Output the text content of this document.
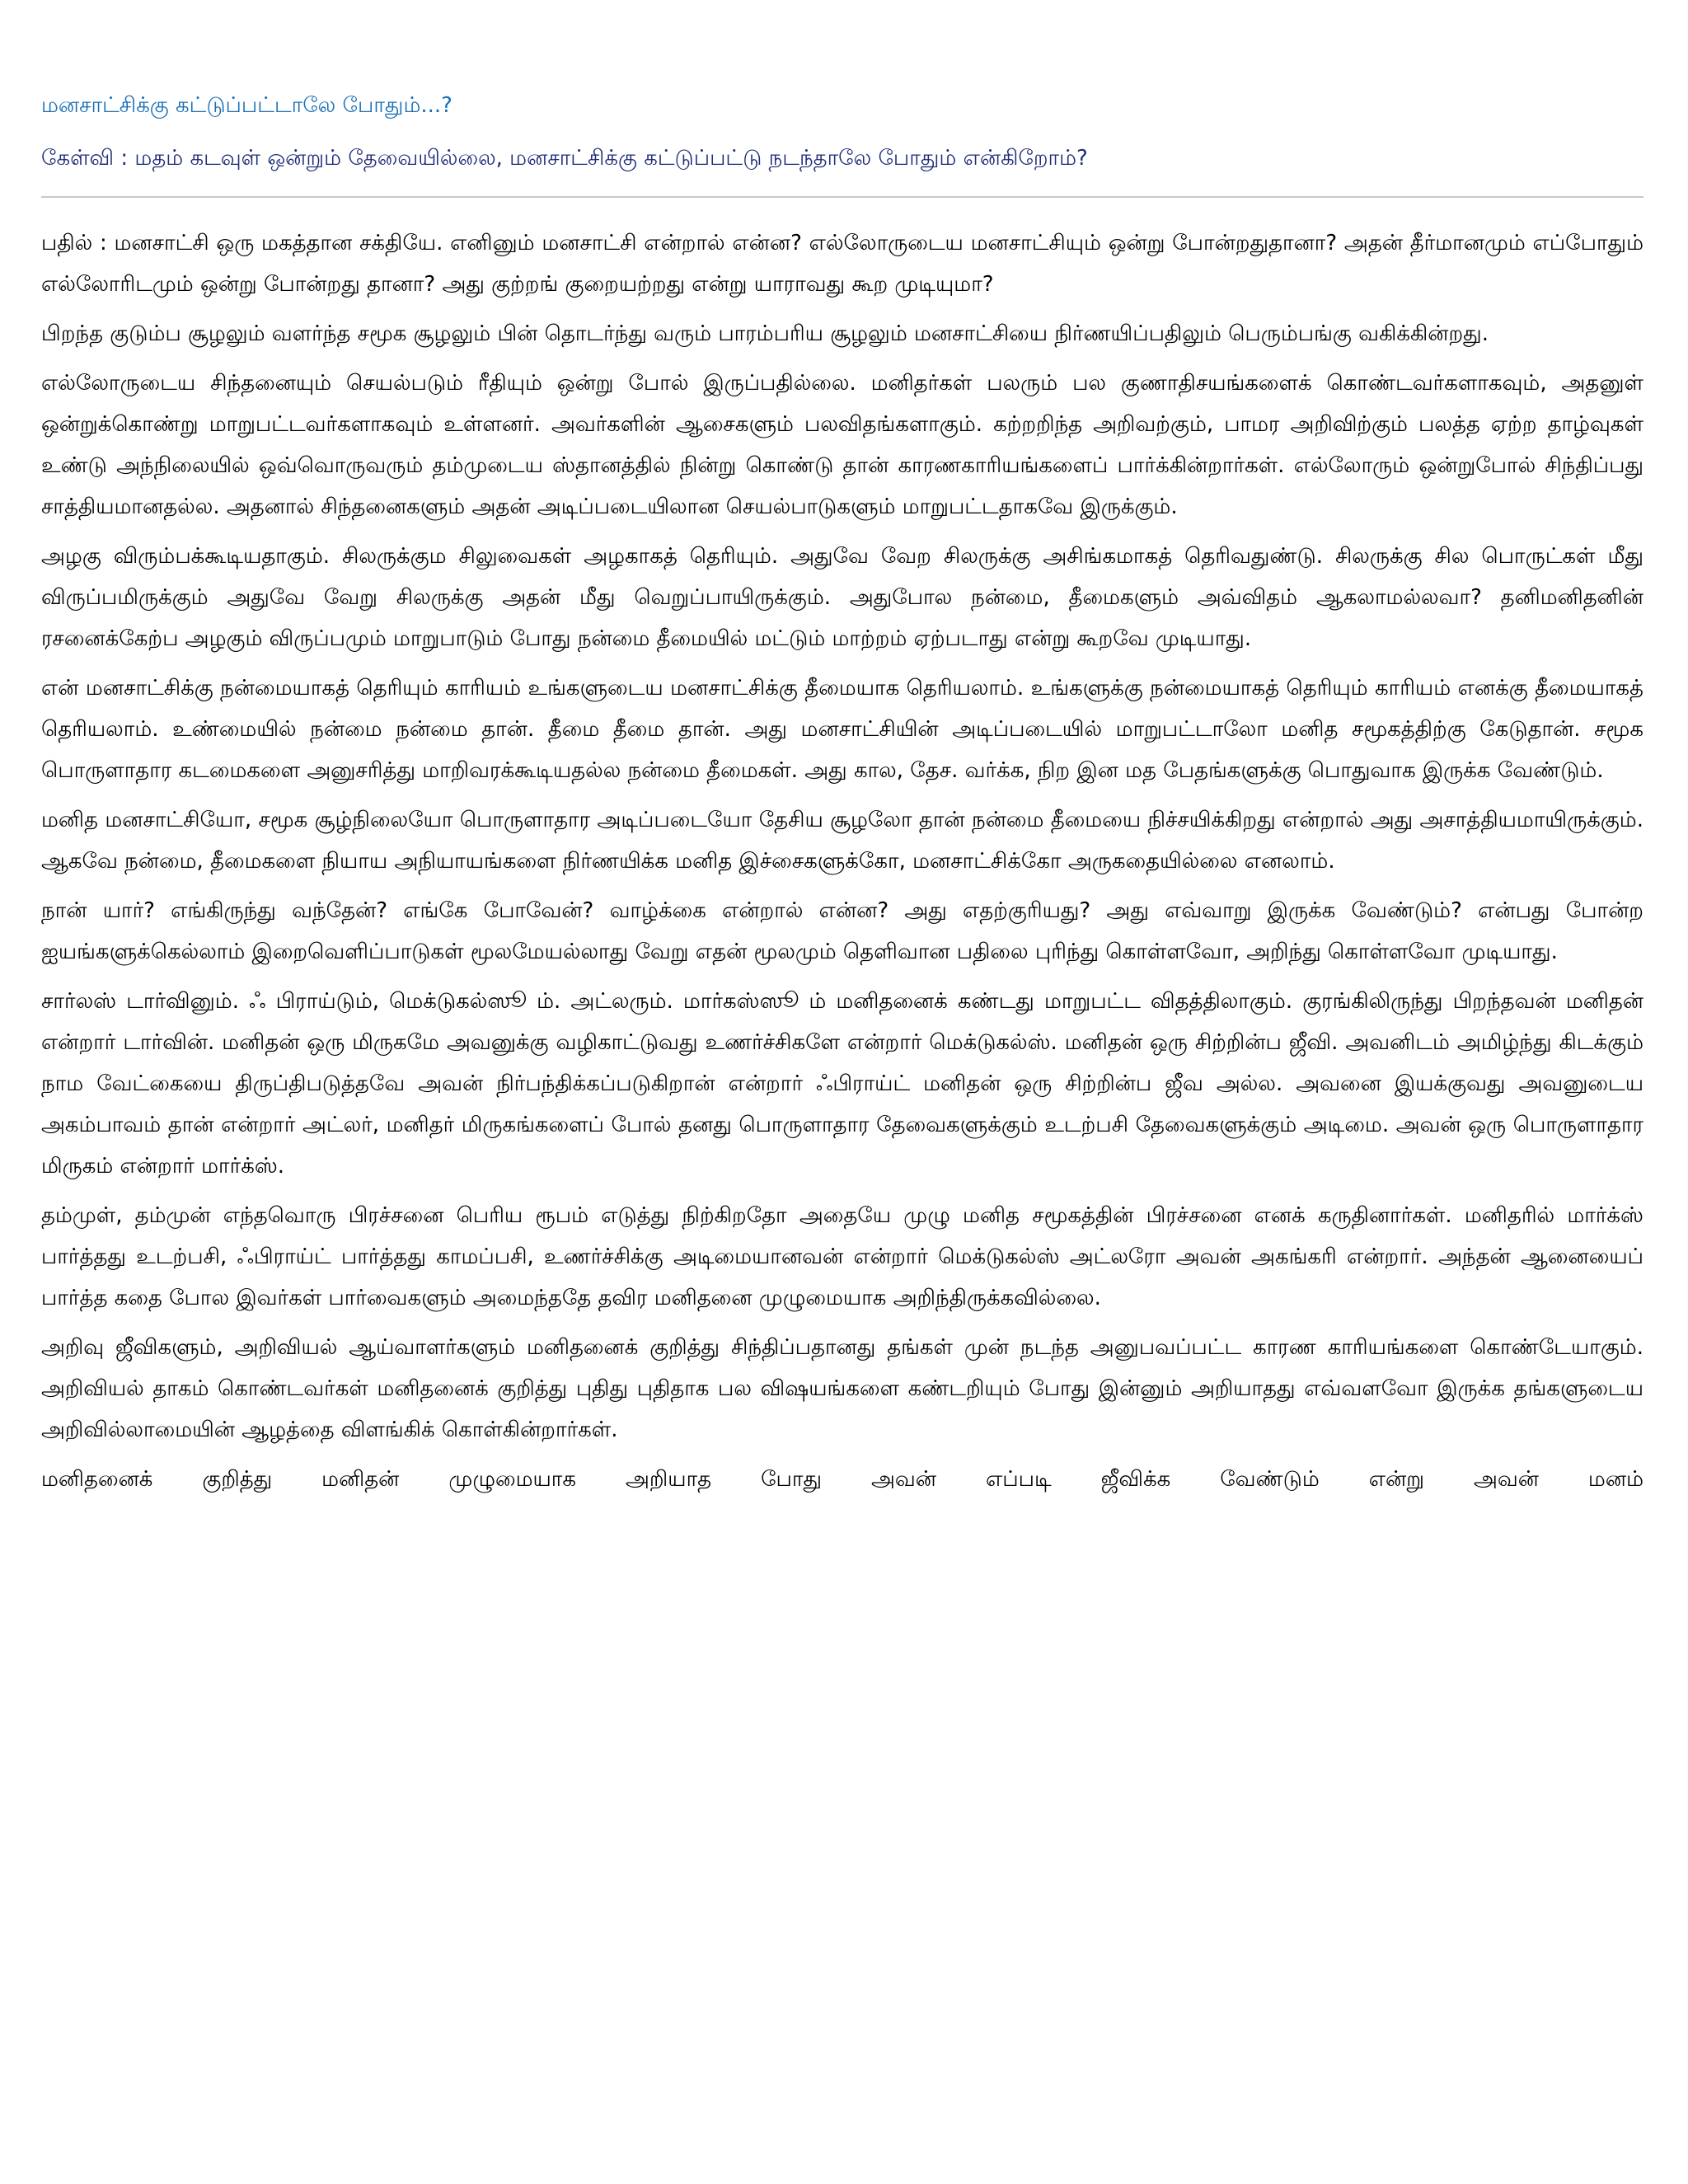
மனசாட்சிக்கு கட்டுப்பட்டாலே போதும்...?
கேள்வி : மதம் கடவுள் ஒன்றும் தேவையில்லை, மனசாட்சிக்கு கட்டுப்பட்டு நடந்தாலே போதும் என்கிறோம்?

பதில் : மனசாட்சி ஒரு மகத்தான சக்தியே. எனினும் மனசாட்சி என்றால் என்ன? எல்லோருடைய மனசாட்சியும் ஒன்று போன்றதுதானா? அதன் தீர்மானமும் எப்போதும் எல்லோரிடமும் ஒன்று போன்றது தானா? அது குற்றங் குறையற்றது என்று யாராவது கூற முடியுமா?

பிறந்த குடும்ப சூழலும் வளர்ந்த சமூக சூழலும் பின் தொடர்ந்து வரும் பாரம்பரிய சூழலும் மனசாட்சியை நிர்ணயிப்பதிலும் பெரும்பங்கு வகிக்கின்றது.

எல்லோருடைய சிந்தனையும் செயல்படும் ரீதியும் ஒன்று போல் இருப்பதில்லை. மனிதர்கள் பலரும் பல குணாதிசயங்களைக் கொண்டவர்களாகவும், அதனுள் ஒன்றுக்கொண்று மாறுபட்டவர்களாகவும் உள்ளனர். அவர்களின் ஆசைகளும் பலவிதங்களாகும். கற்றறிந்த அறிவற்கும், பாமர அறிவிற்கும் பலத்த ஏற்ற தாழ்வுகள் உண்டு அந்நிலையில் ஒவ்வொருவரும் தம்முடைய ஸ்தானத்தில் நின்று கொண்டு தான் காரணகாரியங்களைப் பார்க்கின்றார்கள். எல்லோரும் ஒன்றுபோல் சிந்திப்பது சாத்தியமானதல்ல. அதனால் சிந்தனைகளும் அதன் அடிப்படையிலான செயல்பாடுகளும் மாறுபட்டதாகவே இருக்கும்.

அழகு விரும்பக்கூடியதாகும். சிலருக்கும சிலுவைகள் அழகாகத் தெரியும். அதுவே வேற சிலருக்கு அசிங்கமாகத் தெரிவதுண்டு. சிலருக்கு சில பொருட்கள் மீது விருப்பமிருக்கும் அதுவே வேறு சிலருக்கு அதன் மீது வெறுப்பாயிருக்கும். அதுபோல நன்மை, தீமைகளும் அவ்விதம் ஆகலாமல்லவா? தனிமனிதனின் ரசனைக்கேற்ப அழகும் விருப்பமும் மாறுபாடும் போது நன்மை தீமையில் மட்டும் மாற்றம் ஏற்படாது என்று கூறவே முடியாது.

என் மனசாட்சிக்கு நன்மையாகத் தெரியும் காரியம் உங்களுடைய மனசாட்சிக்கு தீமையாக தெரியலாம். உங்களுக்கு நன்மையாகத் தெரியும் காரியம் எனக்கு தீமையாகத் தெரியலாம். உண்மையில் நன்மை நன்மை தான். தீமை தீமை தான். அது மனசாட்சியின் அடிப்படையில் மாறுபட்டாலோ மனித சமூகத்திற்கு கேடுதான். சமூக பொருளாதார கடமைகளை அனுசரித்து மாறிவரக்கூடியதல்ல நன்மை தீமைகள். அது கால, தேச. வர்க்க, நிற இன மத பேதங்களுக்கு பொதுவாக இருக்க வேண்டும்.

மனித மனசாட்சியோ, சமூக சூழ்நிலையோ பொருளாதார அடிப்படையோ தேசிய சூழலோ தான் நன்மை தீமையை நிச்சயிக்கிறது என்றால் அது அசாத்தியமாயிருக்கும். ஆகவே நன்மை, தீமைகளை நியாய அநியாயங்களை நிர்ணயிக்க மனித இச்சைகளுக்கோ, மனசாட்சிக்கோ அருகதையில்லை எனலாம்.

நான் யார்? எங்கிருந்து வந்தேன்? எங்கே போவேன்? வாழ்க்கை என்றால் என்ன? அது எதற்குரியது? அது எவ்வாறு இருக்க வேண்டும்? என்பது போன்ற ஐயங்களுக்கெல்லாம் இறைவெளிப்பாடுகள் மூலமேயல்லாது வேறு எதன் மூலமும் தெளிவான பதிலை புரிந்து கொள்ளவோ, அறிந்து கொள்ளவோ முடியாது.

சார்லஸ் டார்வினும். ஃ பிராய்டும், மெக்டுகல்ஸூ ம். அட்லரும். மார்கஸ்ஸூ ம் மனிதனைக் கண்டது மாறுபட்ட விதத்திலாகும். குரங்கிலிருந்து பிறந்தவன் மனிதன் என்றார் டார்வின். மனிதன் ஒரு மிருகமே அவனுக்கு வழிகாட்டுவது உணர்ச்சிகளே என்றார் மெக்டுகல்ஸ். மனிதன் ஒரு சிற்றின்ப ஜீவி. அவனிடம் அமிழ்ந்து கிடக்கும் நாம வேட்கையை திருப்திபடுத்தவே அவன் நிர்பந்திக்கப்படுகிறான் என்றார் ஃபிராய்ட் மனிதன் ஒரு சிற்றின்ப ஜீவ அல்ல. அவனை இயக்குவது அவனுடைய அகம்பாவம் தான் என்றார் அட்லர், மனிதர் மிருகங்களைப் போல் தனது பொருளாதார தேவைகளுக்கும் உடற்பசி தேவைகளுக்கும் அடிமை. அவன் ஒரு பொருளாதார மிருகம் என்றார் மார்க்ஸ்.

தம்முள், தம்முன் எந்தவொரு பிரச்சனை பெரிய ரூபம் எடுத்து நிற்கிறதோ அதையே முழு மனித சமூகத்தின் பிரச்சனை எனக் கருதினார்கள். மனிதரில் மார்க்ஸ் பார்த்தது உடற்பசி, ஃபிராய்ட் பார்த்தது காமப்பசி, உணர்ச்சிக்கு அடிமையானவன் என்றார் மெக்டுகல்ஸ் அட்லரோ அவன் அகங்கரி என்றார். அந்தன் ஆனையைப் பார்த்த கதை போல இவர்கள் பார்வைகளும் அமைந்ததே தவிர மனிதனை முழுமையாக அறிந்திருக்கவில்லை.

அறிவு ஜீவிகளும், அறிவியல் ஆய்வாளர்களும் மனிதனைக் குறித்து சிந்திப்பதானது தங்கள் முன் நடந்த அனுபவப்பட்ட காரண காரியங்களை கொண்டேயாகும். அறிவியல் தாகம் கொண்டவர்கள் மனிதனைக் குறித்து புதிது புதிதாக பல விஷயங்களை கண்டறியும் போது இன்னும் அறியாதது எவ்வளவோ இருக்க தங்களுடைய அறிவில்லாமையின் ஆழத்தை விளங்கிக் கொள்கின்றார்கள்.

மனிதனைக் குறித்து மனிதன் முழுமையாக அறியாத போது அவன் எப்படி ஜீவிக்க வேண்டும் என்று அவன் மனம்
